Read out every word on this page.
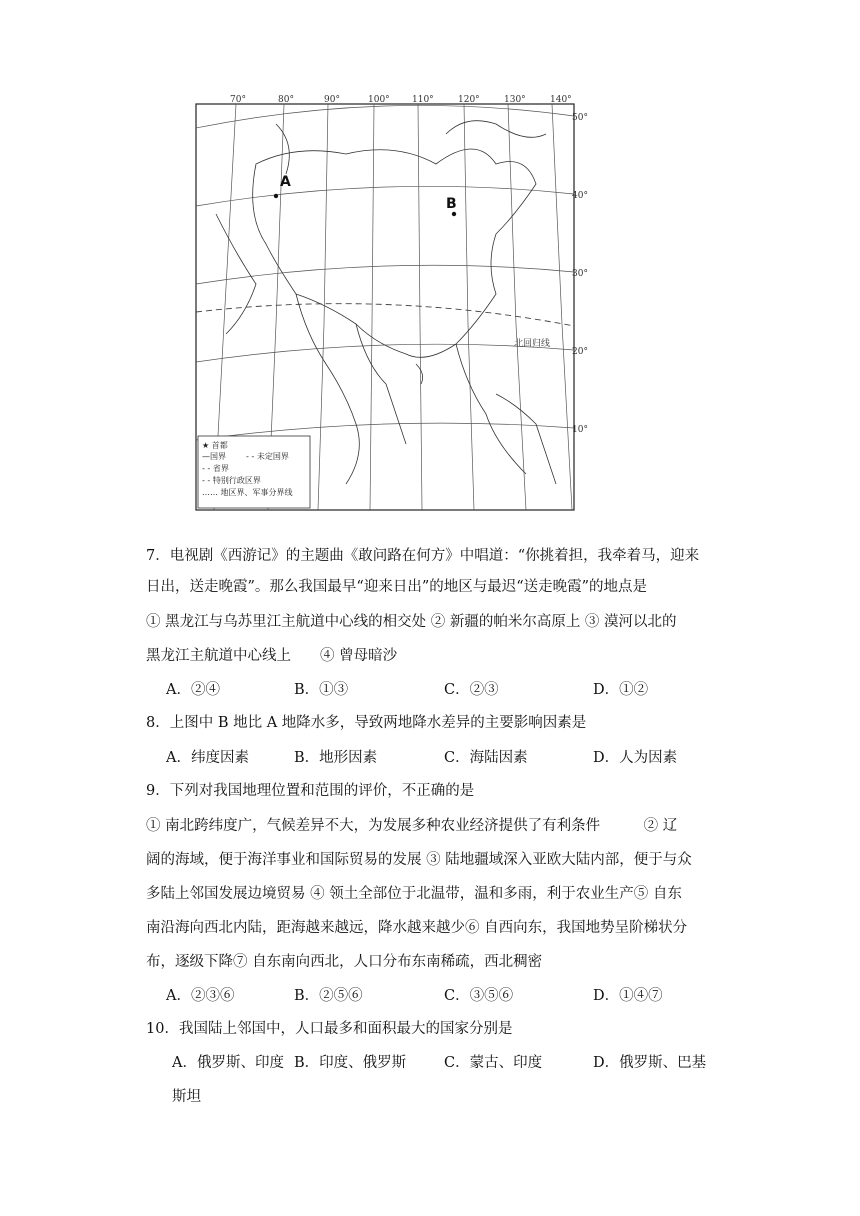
70°	80°	90°	100° 110°	120°	130°	140°
50°
40°
30°
20°
10°
北回归线
A
B
★ 首都
—国界	- - 未定国界
- - 省界
- - 特别行政区界
…… 地区界、军事分界线
7．电视剧《西游记》的主题曲《敢问路在何方》中唱道：“你挑着担，我牵着马，迎来
日出，送走晚霞”。那么我国最早“迎来日出”的地区与最迟“送走晚霞”的地点是
① 黑龙江与乌苏里江主航道中心线的相交处 ② 新疆的帕米尔高原上 ③ 漠河以北的
黑龙江主航道中心线上　　④ 曾母暗沙
A．②④	B．①③	C．②③	D．①②
8．上图中 B 地比 A 地降水多，导致两地降水差异的主要影响因素是
A．纬度因素	B．地形因素	C．海陆因素	D．人为因素
9．下列对我国地理位置和范围的评价，不正确的是
① 南北跨纬度广，气候差异不大，为发展多种农业经济提供了有利条件　　　② 辽
阔的海域，便于海洋事业和国际贸易的发展 ③ 陆地疆域深入亚欧大陆内部，便于与众
多陆上邻国发展边境贸易 ④ 领土全部位于北温带，温和多雨，利于农业生产⑤ 自东
南沿海向西北内陆，距海越来越远，降水越来越少⑥ 自西向东，我国地势呈阶梯状分
布，逐级下降⑦ 自东南向西北，人口分布东南稀疏，西北稠密
A．②③⑥	B．②⑤⑥	C．③⑤⑥	D．①④⑦
10．我国陆上邻国中，人口最多和面积最大的国家分别是
A．俄罗斯、印度 B．印度、俄罗斯	C．蒙古、印度	D．俄罗斯、巴基
斯坦
